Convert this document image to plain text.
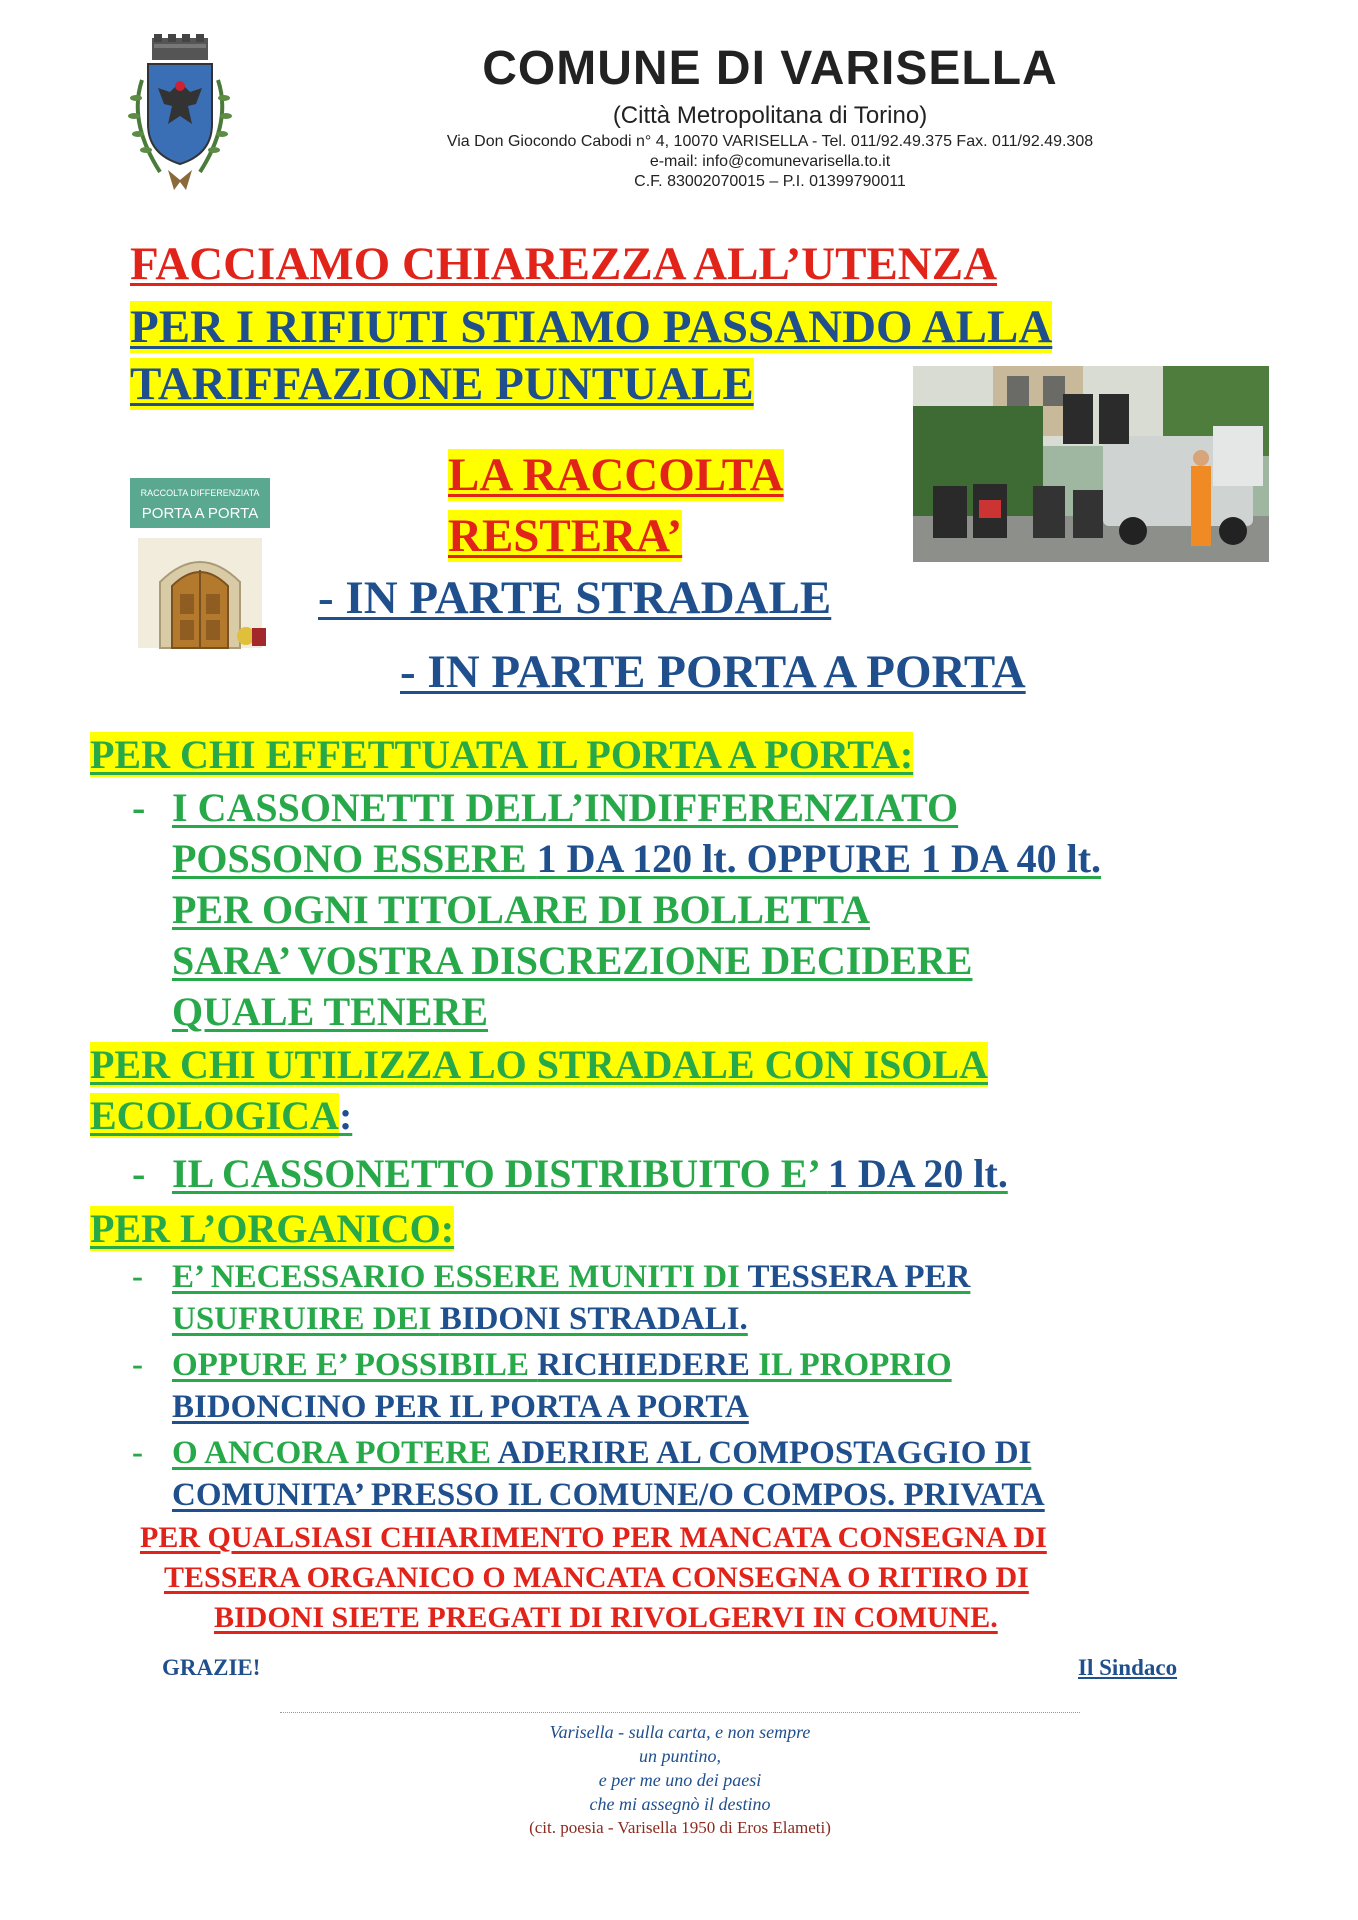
COMUNE DI VARISELLA
(Città Metropolitana di Torino)
Via Don Giocondo Cabodi n° 4, 10070 VARISELLA - Tel. 011/92.49.375 Fax. 011/92.49.308
e-mail: info@comunevarisella.to.it
C.F. 83002070015 – P.I. 01399790011
FACCIAMO CHIAREZZA ALL’UTENZA
PER I RIFIUTI STIAMO PASSANDO ALLA
TARIFFAZIONE PUNTUALE
RACCOLTA DIFFERENZIATA
PORTA A PORTA
LA RACCOLTA
RESTERA’
- IN PARTE STRADALE
- IN PARTE PORTA A PORTA
PER CHI EFFETTUATA IL PORTA A PORTA:
- I CASSONETTI DELL’INDIFFERENZIATO
POSSONO ESSERE 1 DA 120 lt. OPPURE 1 DA 40 lt.
PER OGNI TITOLARE DI BOLLETTA
SARA’ VOSTRA DISCREZIONE DECIDERE
QUALE TENERE
PER CHI UTILIZZA LO STRADALE CON ISOLA
ECOLOGICA:
- IL CASSONETTO DISTRIBUITO E’ 1 DA 20 lt.
PER L’ORGANICO:
- E’ NECESSARIO ESSERE MUNITI DI TESSERA PER
USUFRUIRE DEI BIDONI STRADALI.
- OPPURE E’ POSSIBILE RICHIEDERE IL PROPRIO
BIDONCINO PER IL PORTA A PORTA
- O ANCORA POTERE ADERIRE AL COMPOSTAGGIO DI
COMUNITA’ PRESSO IL COMUNE/O COMPOS. PRIVATA
PER QUALSIASI CHIARIMENTO PER MANCATA CONSEGNA DI
TESSERA ORGANICO O MANCATA CONSEGNA O RITIRO DI
BIDONI SIETE PREGATI DI RIVOLGERVI IN COMUNE.
GRAZIE!	Il Sindaco
Varisella - sulla carta, e non sempre
un puntino,
e per me uno dei paesi
che mi assegnò il destino
(cit. poesia - Varisella 1950 di Eros Elameti)
